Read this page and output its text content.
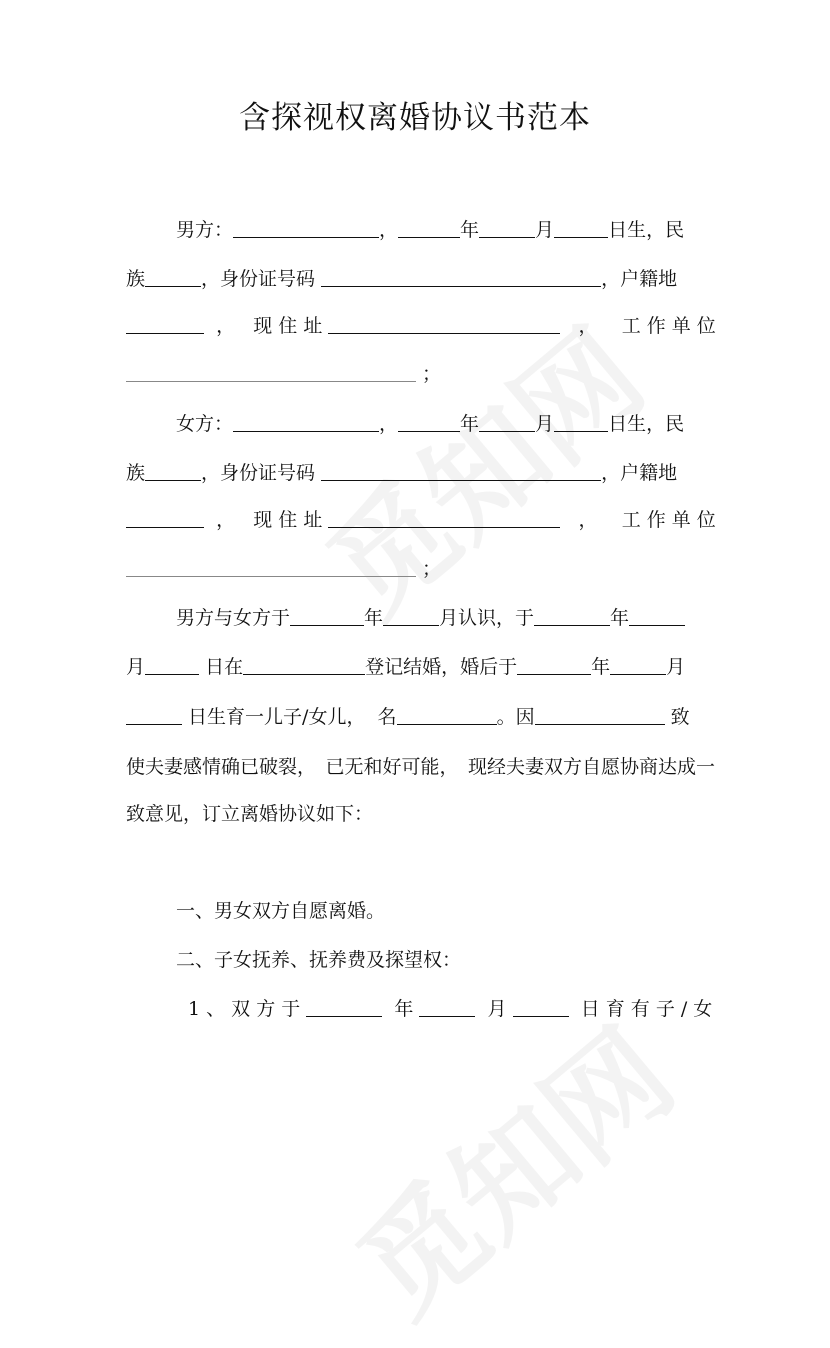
含探视权离婚协议书范本
男方：	，	年	月	日生，民
族	，身份证号码	，户籍地
， 现 住 址	， 工 作 单 位
；
女方：	，	年	月	日生，民
族	，身份证号码	，户籍地
， 现 住 址	， 工 作 单 位
；
男方与女方于	年	月认识，于	年
月	日在	登记结婚，婚后于	年	月
日生育一儿子/女儿， 名	。因	致
使夫妻感情确已破裂，　已无和好可能，　现经夫妻双方自愿协商达成一
致意见，订立离婚协议如下：
一、男女双方自愿离婚。
二、子女抚养、抚养费及探望权：
1 、 双 方 于	年	月	日 育 有 子 / 女
